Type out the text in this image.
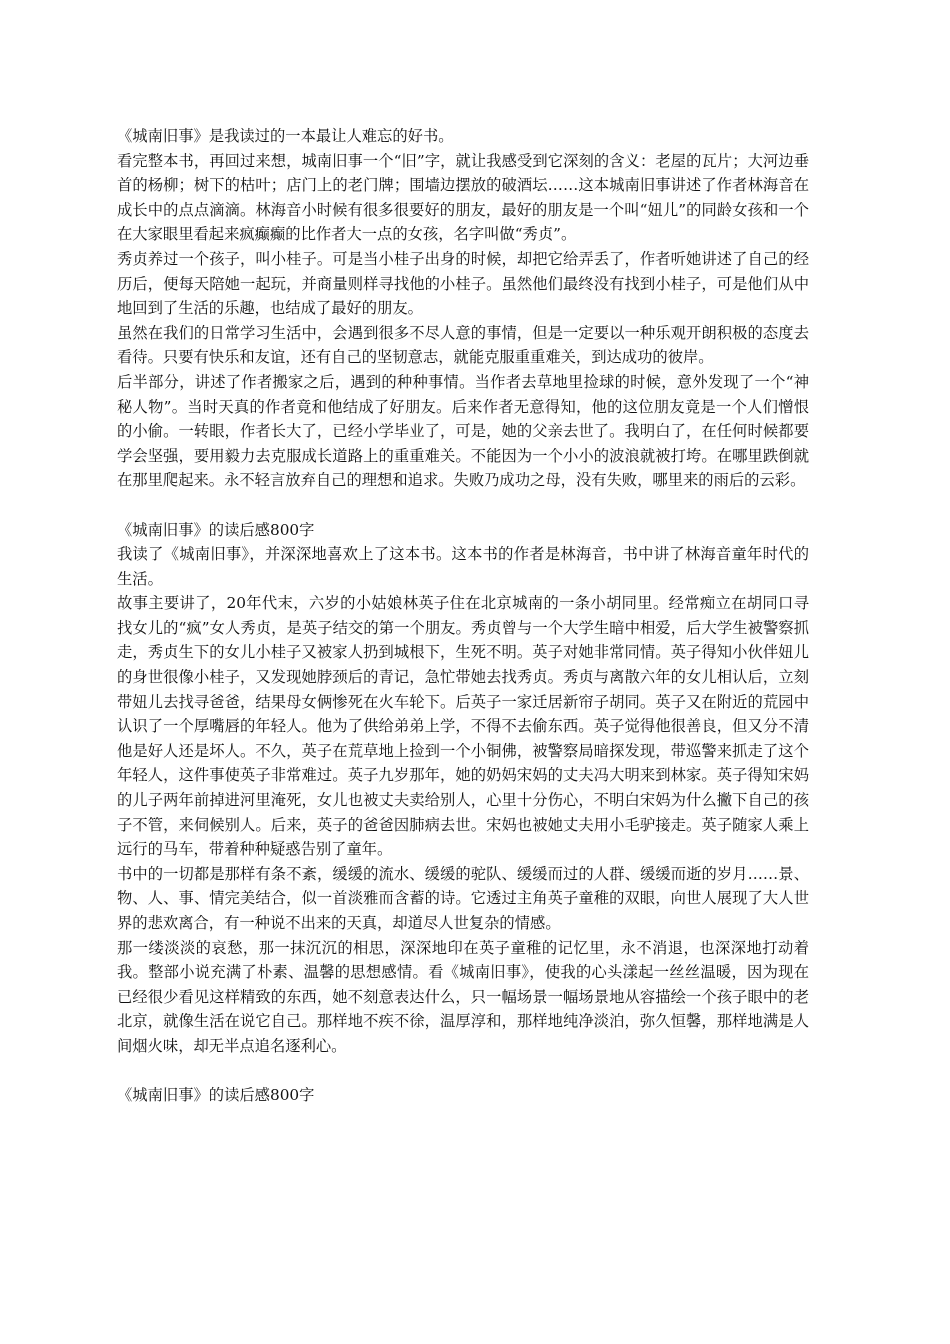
《城南旧事》是我读过的一本最让人难忘的好书。

看完整本书，再回过来想，城南旧事一个“旧”字，就让我感受到它深刻的含义：老屋的瓦片；大河边垂首的杨柳；树下的枯叶；店门上的老门牌；围墙边摆放的破酒坛……这本城南旧事讲述了作者林海音在成长中的点点滴滴。林海音小时候有很多很要好的朋友，最好的朋友是一个叫“妞儿”的同龄女孩和一个在大家眼里看起来疯癫癫的比作者大一点的女孩，名字叫做“秀贞”。

秀贞养过一个孩子，叫小桂子。可是当小桂子出身的时候，却把它给弄丢了，作者听她讲述了自己的经历后，便每天陪她一起玩，并商量则样寻找他的小桂子。虽然他们最终没有找到小桂子，可是他们从中地回到了生活的乐趣，也结成了最好的朋友。

虽然在我们的日常学习生活中，会遇到很多不尽人意的事情，但是一定要以一种乐观开朗积极的态度去看待。只要有快乐和友谊，还有自己的坚韧意志，就能克服重重难关，到达成功的彼岸。

后半部分，讲述了作者搬家之后，遇到的种种事情。当作者去草地里捡球的时候，意外发现了一个“神秘人物”。当时天真的作者竟和他结成了好朋友。后来作者无意得知，他的这位朋友竟是一个人们憎恨的小偷。一转眼，作者长大了，已经小学毕业了，可是，她的父亲去世了。我明白了，在任何时候都要学会坚强，要用毅力去克服成长道路上的重重难关。不能因为一个小小的波浪就被打垮。在哪里跌倒就在那里爬起来。永不轻言放弃自己的理想和追求。失败乃成功之母，没有失败，哪里来的雨后的云彩。

《城南旧事》的读后感800字

我读了《城南旧事》，并深深地喜欢上了这本书。这本书的作者是林海音，书中讲了林海音童年时代的生活。

故事主要讲了，20年代末，六岁的小姑娘林英子住在北京城南的一条小胡同里。经常痴立在胡同口寻找女儿的“疯”女人秀贞，是英子结交的第一个朋友。秀贞曾与一个大学生暗中相爱，后大学生被警察抓走，秀贞生下的女儿小桂子又被家人扔到城根下，生死不明。英子对她非常同情。英子得知小伙伴妞儿的身世很像小桂子，又发现她脖颈后的青记，急忙带她去找秀贞。秀贞与离散六年的女儿相认后，立刻带妞儿去找寻爸爸，结果母女俩惨死在火车轮下。后英子一家迁居新帘子胡同。英子又在附近的荒园中认识了一个厚嘴唇的年轻人。他为了供给弟弟上学，不得不去偷东西。英子觉得他很善良，但又分不清他是好人还是坏人。不久，英子在荒草地上捡到一个小铜佛，被警察局暗探发现，带巡警来抓走了这个年轻人，这件事使英子非常难过。英子九岁那年，她的奶妈宋妈的丈夫冯大明来到林家。英子得知宋妈的儿子两年前掉进河里淹死，女儿也被丈夫卖给别人，心里十分伤心，不明白宋妈为什么撇下自己的孩子不管，来伺候别人。后来，英子的爸爸因肺病去世。宋妈也被她丈夫用小毛驴接走。英子随家人乘上远行的马车，带着种种疑惑告别了童年。

书中的一切都是那样有条不紊，缓缓的流水、缓缓的驼队、缓缓而过的人群、缓缓而逝的岁月……景、物、人、事、情完美结合，似一首淡雅而含蓄的诗。它透过主角英子童稚的双眼，向世人展现了大人世界的悲欢离合，有一种说不出来的天真，却道尽人世复杂的情感。

那一缕淡淡的哀愁，那一抹沉沉的相思，深深地印在英子童稚的记忆里，永不消退，也深深地打动着我。整部小说充满了朴素、温馨的思想感情。看《城南旧事》，使我的心头漾起一丝丝温暖，因为现在已经很少看见这样精致的东西，她不刻意表达什么，只一幅场景一幅场景地从容描绘一个孩子眼中的老北京，就像生活在说它自己。那样地不疾不徐，温厚淳和，那样地纯净淡泊，弥久恒馨，那样地满是人间烟火味，却无半点追名逐利心。

《城南旧事》的读后感800字
